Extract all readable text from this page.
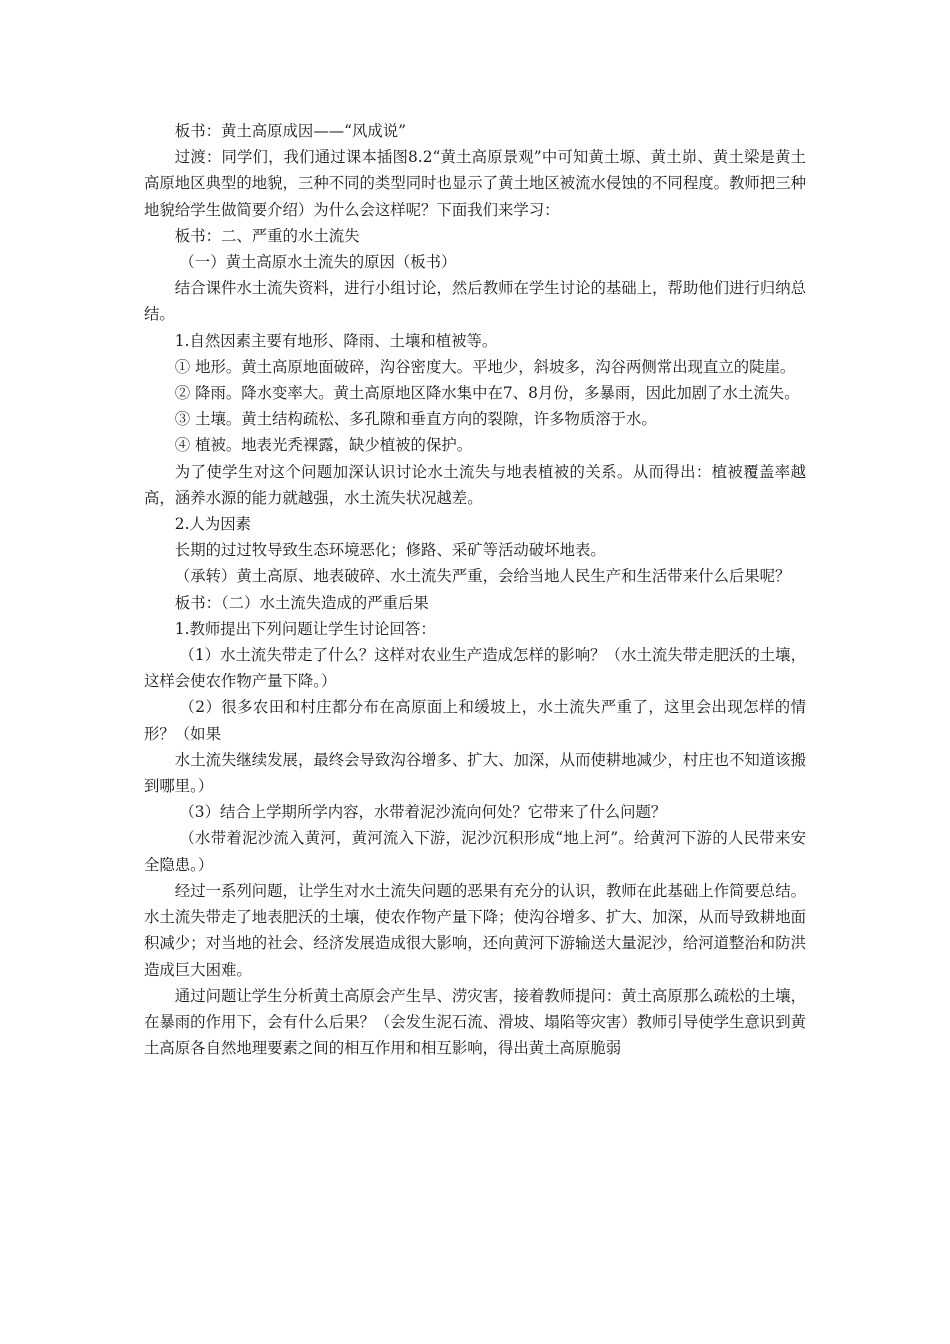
板书：黄土高原成因——“风成说”

过渡：同学们，我们通过课本插图8.2“黄土高原景观”中可知黄土塬、黄土峁、黄土梁是黄土高原地区典型的地貌，三种不同的类型同时也显示了黄土地区被流水侵蚀的不同程度。教师把三种地貌给学生做简要介绍）为什么会这样呢？下面我们来学习：

板书：二、严重的水土流失

（一）黄土高原水土流失的原因（板书）

结合课件水土流失资料，进行小组讨论，然后教师在学生讨论的基础上，帮助他们进行归纳总结。

1.自然因素主要有地形、降雨、土壤和植被等。

① 地形。黄土高原地面破碎，沟谷密度大。平地少，斜坡多，沟谷两侧常出现直立的陡崖。

② 降雨。降水变率大。黄土高原地区降水集中在7、8月份，多暴雨，因此加剧了水土流失。

③ 土壤。黄土结构疏松、多孔隙和垂直方向的裂隙，许多物质溶于水。

④ 植被。地表光秃裸露，缺少植被的保护。

为了使学生对这个问题加深认识讨论水土流失与地表植被的关系。从而得出：植被覆盖率越高，涵养水源的能力就越强，水土流失状况越差。

2.人为因素

长期的过过牧导致生态环境恶化；修路、采矿等活动破坏地表。

（承转）黄土高原、地表破碎、水土流失严重，会给当地人民生产和生活带来什么后果呢？

板书：（二）水土流失造成的严重后果

1.教师提出下列问题让学生讨论回答：

（1）水土流失带走了什么？这样对农业生产造成怎样的影响？（水土流失带走肥沃的土壤，这样会使农作物产量下降。）

（2）很多农田和村庄都分布在高原面上和缓坡上，水土流失严重了，这里会出现怎样的情形？（如果

水土流失继续发展，最终会导致沟谷增多、扩大、加深，从而使耕地减少，村庄也不知道该搬到哪里。）

（3）结合上学期所学内容，水带着泥沙流向何处？它带来了什么问题？

（水带着泥沙流入黄河，黄河流入下游，泥沙沉积形成“地上河”。给黄河下游的人民带来安全隐患。）

经过一系列问题，让学生对水土流失问题的恶果有充分的认识，教师在此基础上作简要总结。水土流失带走了地表肥沃的土壤，使农作物产量下降；使沟谷增多、扩大、加深，从而导致耕地面积减少；对当地的社会、经济发展造成很大影响，还向黄河下游输送大量泥沙，给河道整治和防洪造成巨大困难。

通过问题让学生分析黄土高原会产生旱、涝灾害，接着教师提问：黄土高原那么疏松的土壤，在暴雨的作用下，会有什么后果？（会发生泥石流、滑坡、塌陷等灾害）教师引导使学生意识到黄土高原各自然地理要素之间的相互作用和相互影响，得出黄土高原脆弱
